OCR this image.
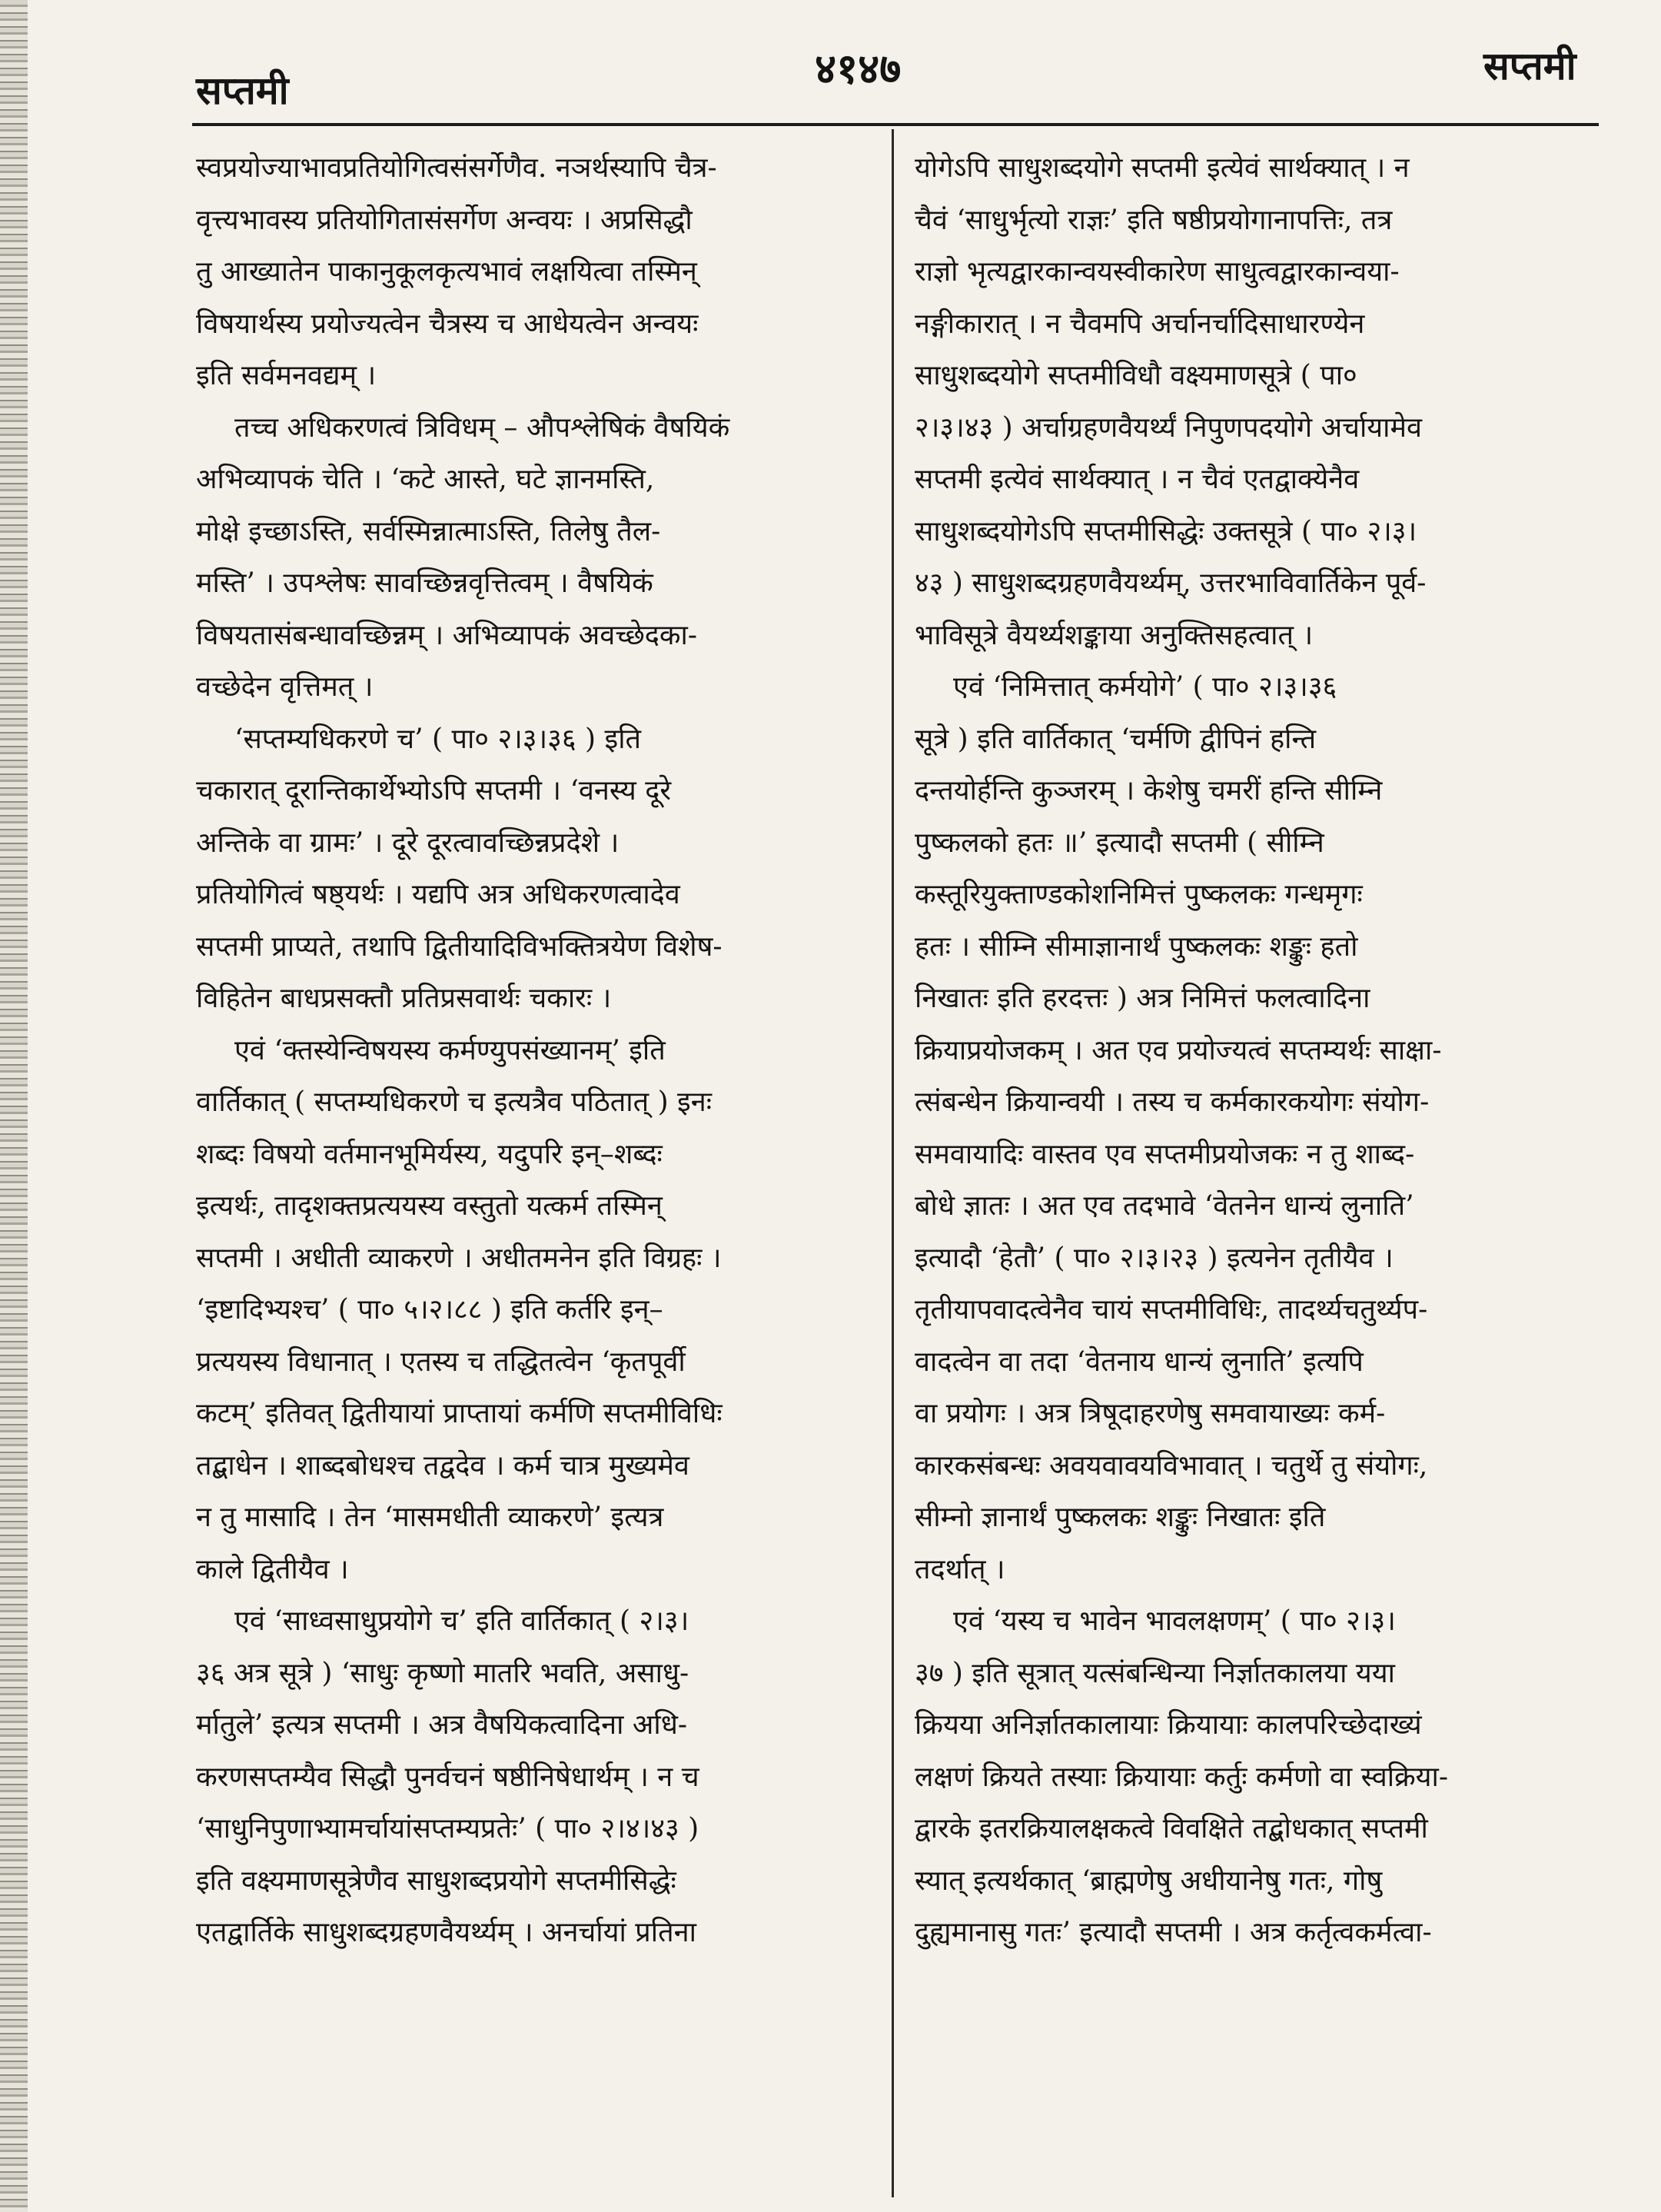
सप्तमी	४१४७	सप्तमी
स्वप्रयोज्याभावप्रतियोगित्वसंसर्गेणैव. नञर्थस्यापि चैत्र-
वृत्त्यभावस्य प्रतियोगितासंसर्गेण अन्वयः । अप्रसिद्धौ
तु आख्यातेन पाकानुकूलकृत्यभावं लक्षयित्वा तस्मिन्
विषयार्थस्य प्रयोज्यत्वेन चैत्रस्य च आधेयत्वेन अन्वयः
इति सर्वमनवद्यम् ।
तच्च अधिकरणत्वं त्रिविधम् – औपश्लेषिकं वैषयिकं
अभिव्यापकं चेति । ‘कटे आस्ते, घटे ज्ञानमस्ति,
मोक्षे इच्छाऽस्ति, सर्वस्मिन्नात्माऽस्ति, तिलेषु तैल-
मस्ति’ । उपश्लेषः सावच्छिन्नवृत्तित्वम् । वैषयिकं
विषयतासंबन्धावच्छिन्नम् । अभिव्यापकं अवच्छेदका-
वच्छेदेन वृत्तिमत् ।
‘सप्तम्यधिकरणे च’ ( पा० २।३।३६ ) इति
चकारात् दूरान्तिकार्थेभ्योऽपि सप्तमी । ‘वनस्य दूरे
अन्तिके वा ग्रामः’ । दूरे दूरत्वावच्छिन्नप्रदेशे ।
प्रतियोगित्वं षष्ठ्यर्थः । यद्यपि अत्र अधिकरणत्वादेव
सप्तमी प्राप्यते, तथापि द्वितीयादिविभक्तित्रयेण विशेष-
विहितेन बाधप्रसक्तौ प्रतिप्रसवार्थः चकारः ।
एवं ‘क्तस्येन्विषयस्य कर्मण्युपसंख्यानम्’ इति
वार्तिकात् ( सप्तम्यधिकरणे च इत्यत्रैव पठितात् ) इनः
शब्दः विषयो वर्तमानभूमिर्यस्य, यदुपरि इन्–शब्दः
इत्यर्थः, तादृशक्तप्रत्ययस्य वस्तुतो यत्कर्म तस्मिन्
सप्तमी । अधीती व्याकरणे । अधीतमनेन इति विग्रहः ।
‘इष्टादिभ्यश्च’ ( पा० ५।२।८८ ) इति कर्तरि इन्–
प्रत्ययस्य विधानात् । एतस्य च तद्धितत्वेन ‘कृतपूर्वी
कटम्’ इतिवत् द्वितीयायां प्राप्तायां कर्मणि सप्तमीविधिः
तद्बाधेन । शाब्दबोधश्च तद्वदेव । कर्म चात्र मुख्यमेव
न तु मासादि । तेन ‘मासमधीती व्याकरणे’ इत्यत्र
काले द्वितीयैव ।
एवं ‘साध्वसाधुप्रयोगे च’ इति वार्तिकात् ( २।३।
३६ अत्र सूत्रे ) ‘साधुः कृष्णो मातरि भवति, असाधु-
र्मातुले’ इत्यत्र सप्तमी । अत्र वैषयिकत्वादिना अधि-
करणसप्तम्यैव सिद्धौ पुनर्वचनं षष्ठीनिषेधार्थम् । न च
‘साधुनिपुणाभ्यामर्चायांसप्तम्यप्रतेः’ ( पा० २।४।४३ )
इति वक्ष्यमाणसूत्रेणैव साधुशब्दप्रयोगे सप्तमीसिद्धेः
एतद्वार्तिके साधुशब्दग्रहणवैयर्थ्यम् । अनर्चायां प्रतिना
योगेऽपि साधुशब्दयोगे सप्तमी इत्येवं सार्थक्यात् । न
चैवं ‘साधुर्भृत्यो राज्ञः’ इति षष्ठीप्रयोगानापत्तिः, तत्र
राज्ञो भृत्यद्वारकान्वयस्वीकारेण साधुत्वद्वारकान्वया-
नङ्गीकारात् । न चैवमपि अर्चानर्चादिसाधारण्येन
साधुशब्दयोगे सप्तमीविधौ वक्ष्यमाणसूत्रे ( पा०
२।३।४३ ) अर्चाग्रहणवैयर्थ्यं निपुणपदयोगे अर्चायामेव
सप्तमी इत्येवं सार्थक्यात् । न चैवं एतद्वाक्येनैव
साधुशब्दयोगेऽपि सप्तमीसिद्धेः उक्तसूत्रे ( पा० २।३।
४३ ) साधुशब्दग्रहणवैयर्थ्यम्, उत्तरभाविवार्तिकेन पूर्व-
भाविसूत्रे वैयर्थ्यशङ्काया अनुक्तिसहत्वात् ।
एवं ‘निमित्तात् कर्मयोगे’ ( पा० २।३।३६
सूत्रे ) इति वार्तिकात् ‘चर्मणि द्वीपिनं हन्ति
दन्तयोर्हन्ति कुञ्जरम् । केशेषु चमरीं हन्ति सीम्नि
पुष्कलको हतः ॥’ इत्यादौ सप्तमी ( सीम्नि
कस्तूरियुक्ताण्डकोशनिमित्तं पुष्कलकः गन्धमृगः
हतः । सीम्नि सीमाज्ञानार्थं पुष्कलकः शङ्कुः हतो
निखातः इति हरदत्तः ) अत्र निमित्तं फलत्वादिना
क्रियाप्रयोजकम् । अत एव प्रयोज्यत्वं सप्तम्यर्थः साक्षा-
त्संबन्धेन क्रियान्वयी । तस्य च कर्मकारकयोगः संयोग-
समवायादिः वास्तव एव सप्तमीप्रयोजकः न तु शाब्द-
बोधे ज्ञातः । अत एव तदभावे ‘वेतनेन धान्यं लुनाति’
इत्यादौ ‘हेतौ’ ( पा० २।३।२३ ) इत्यनेन तृतीयैव ।
तृतीयापवादत्वेनैव चायं सप्तमीविधिः, तादर्थ्यचतुर्थ्यप-
वादत्वेन वा तदा ‘वेतनाय धान्यं लुनाति’ इत्यपि
वा प्रयोगः । अत्र त्रिषूदाहरणेषु समवायाख्यः कर्म-
कारकसंबन्धः अवयवावयविभावात् । चतुर्थे तु संयोगः,
सीम्नो ज्ञानार्थं पुष्कलकः शङ्कुः निखातः इति
तदर्थात् ।
एवं ‘यस्य च भावेन भावलक्षणम्’ ( पा० २।३।
३७ ) इति सूत्रात् यत्संबन्धिन्या निर्ज्ञातकालया यया
क्रियया अनिर्ज्ञातकालायाः क्रियायाः कालपरिच्छेदाख्यं
लक्षणं क्रियते तस्याः क्रियायाः कर्तुः कर्मणो वा स्वक्रिया-
द्वारके इतरक्रियालक्षकत्वे विवक्षिते तद्बोधकात् सप्तमी
स्यात् इत्यर्थकात् ‘ब्राह्मणेषु अधीयानेषु गतः, गोषु
दुह्यमानासु गतः’ इत्यादौ सप्तमी । अत्र कर्तृत्वकर्मत्वा-
